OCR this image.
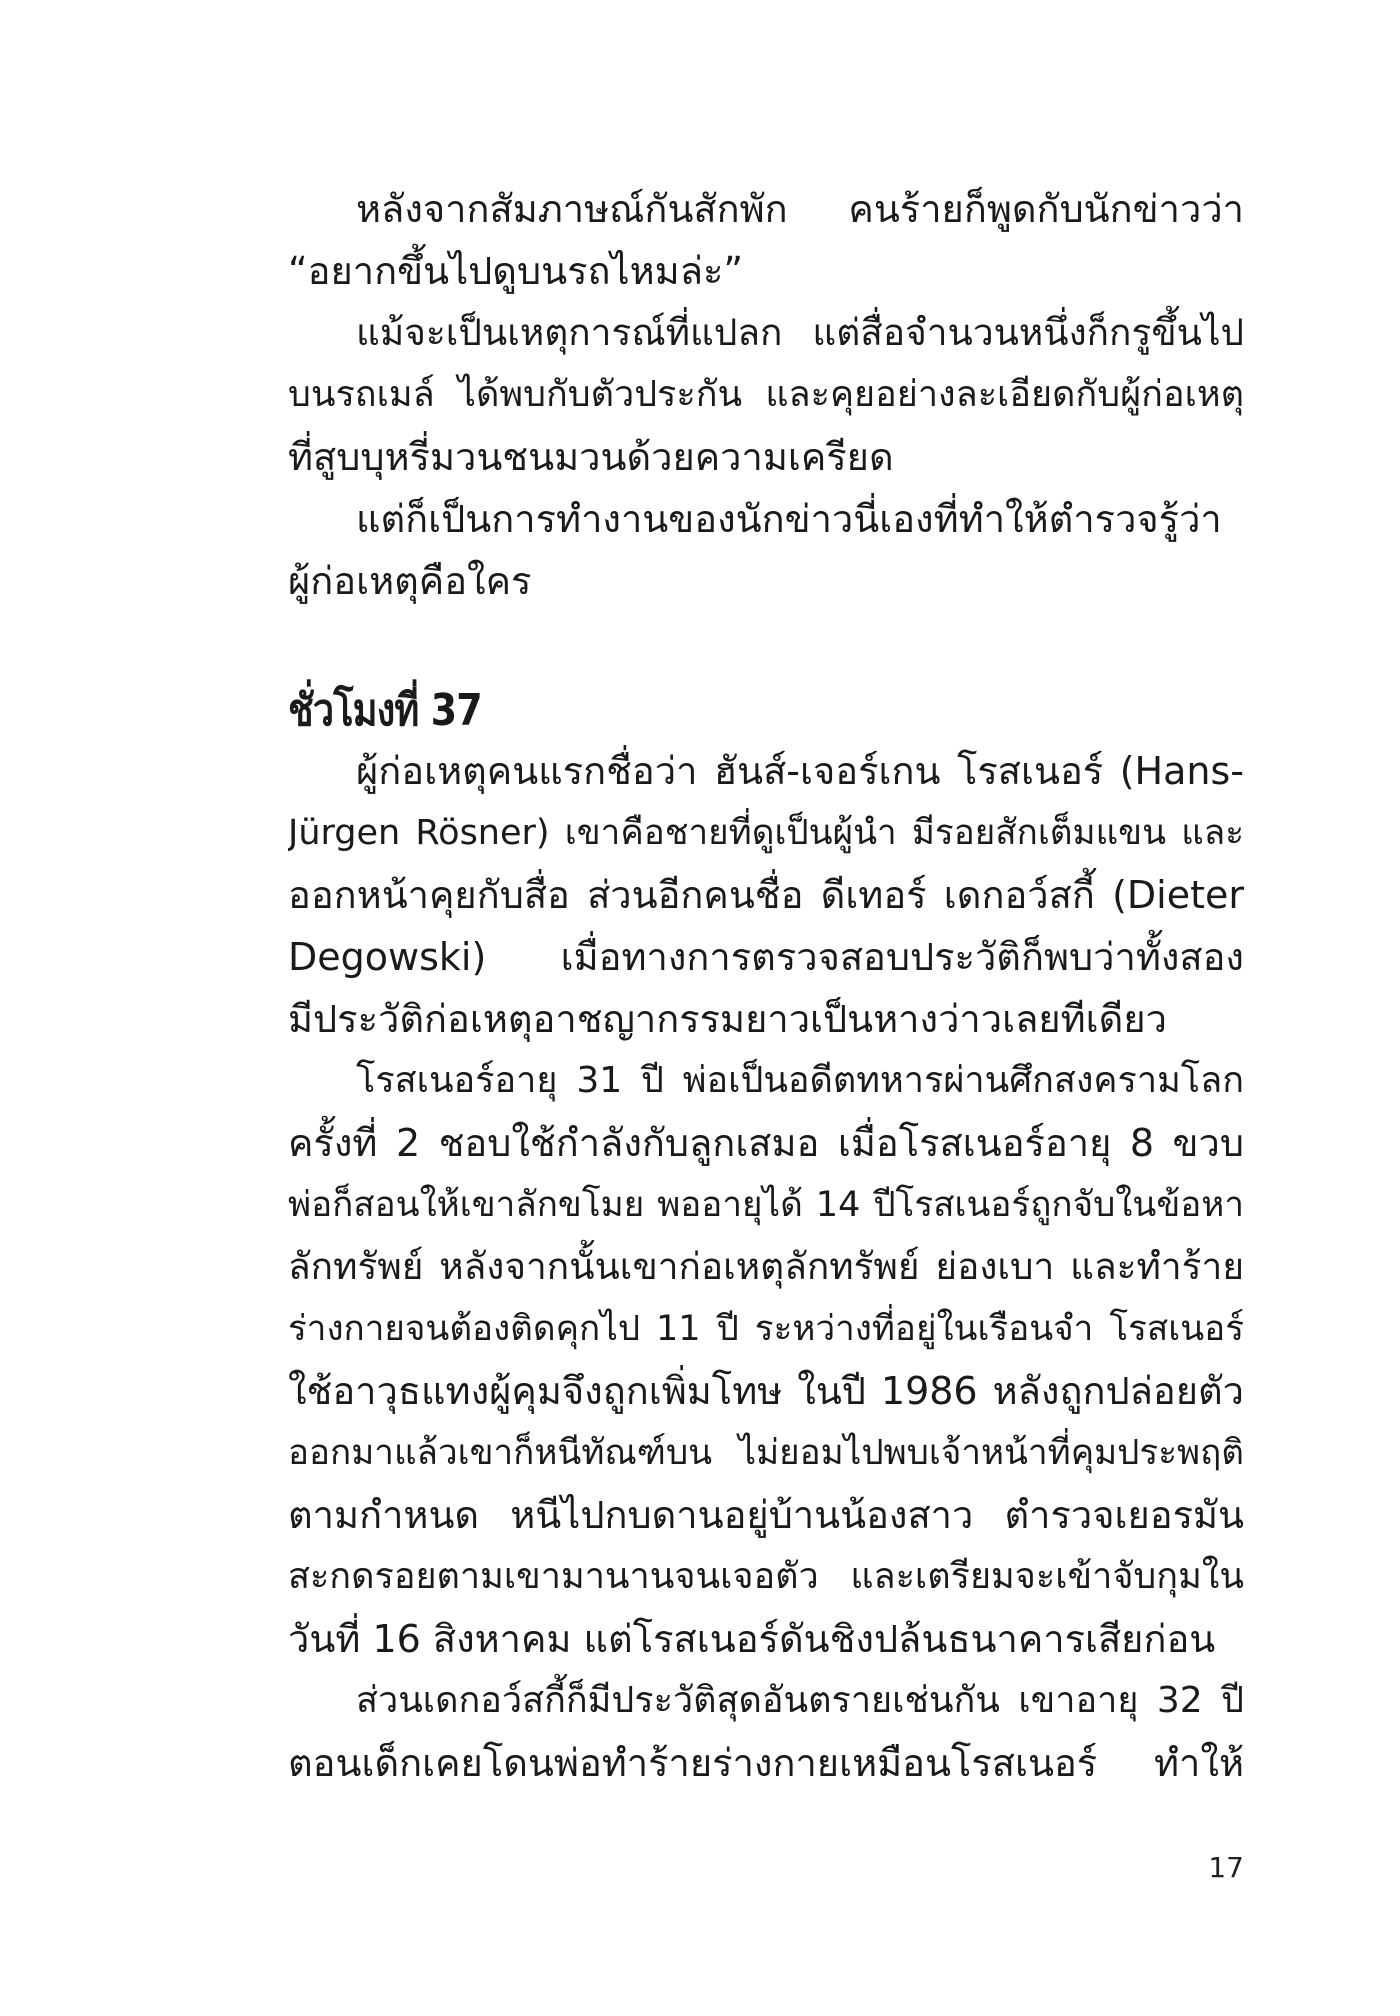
หลังจากสัมภาษณ์กันสักพัก คนร้ายก็พูดกับนักข่าวว่า
“อยากขึ้นไปดูบนรถไหมล่ะ”
แม้จะเป็นเหตุการณ์ที่แปลก แต่สื่อจำนวนหนึ่งก็กรูขึ้นไป
บนรถเมล์ ได้พบกับตัวประกัน และคุยอย่างละเอียดกับผู้ก่อเหตุ
ที่สูบบุหรี่มวนชนมวนด้วยความเครียด
แต่ก็เป็นการทำงานของนักข่าวนี่เองที่ทำให้ตำรวจรู้ว่า
ผู้ก่อเหตุคือใคร
ชั่วโมงที่ 37
ผู้ก่อเหตุคนแรกชื่อว่า ฮันส์-เจอร์เกน โรสเนอร์ (Hans-
Jürgen Rösner) เขาคือชายที่ดูเป็นผู้นำ มีรอยสักเต็มแขน และ
ออกหน้าคุยกับสื่อ ส่วนอีกคนชื่อ ดีเทอร์ เดกอว์สกี้ (Dieter
Degowski) เมื่อทางการตรวจสอบประวัติก็พบว่าทั้งสอง
มีประวัติก่อเหตุอาชญากรรมยาวเป็นหางว่าวเลยทีเดียว
โรสเนอร์อายุ 31 ปี พ่อเป็นอดีตทหารผ่านศึกสงครามโลก
ครั้งที่ 2 ชอบใช้กำลังกับลูกเสมอ เมื่อโรสเนอร์อายุ 8 ขวบ
พ่อก็สอนให้เขาลักขโมย พออายุได้ 14 ปีโรสเนอร์ถูกจับในข้อหา
ลักทรัพย์ หลังจากนั้นเขาก่อเหตุลักทรัพย์ ย่องเบา และทำร้าย
ร่างกายจนต้องติดคุกไป 11 ปี ระหว่างที่อยู่ในเรือนจำ โรสเนอร์
ใช้อาวุธแทงผู้คุมจึงถูกเพิ่มโทษ ในปี 1986 หลังถูกปล่อยตัว
ออกมาแล้วเขาก็หนีทัณฑ์บน ไม่ยอมไปพบเจ้าหน้าที่คุมประพฤติ
ตามกำหนด หนีไปกบดานอยู่บ้านน้องสาว ตำรวจเยอรมัน
สะกดรอยตามเขามานานจนเจอตัว และเตรียมจะเข้าจับกุมใน
วันที่ 16 สิงหาคม แต่โรสเนอร์ดันชิงปล้นธนาคารเสียก่อน
ส่วนเดกอว์สกี้ก็มีประวัติสุดอันตรายเช่นกัน เขาอายุ 32 ปี
ตอนเด็กเคยโดนพ่อทำร้ายร่างกายเหมือนโรสเนอร์ ทำให้
17
